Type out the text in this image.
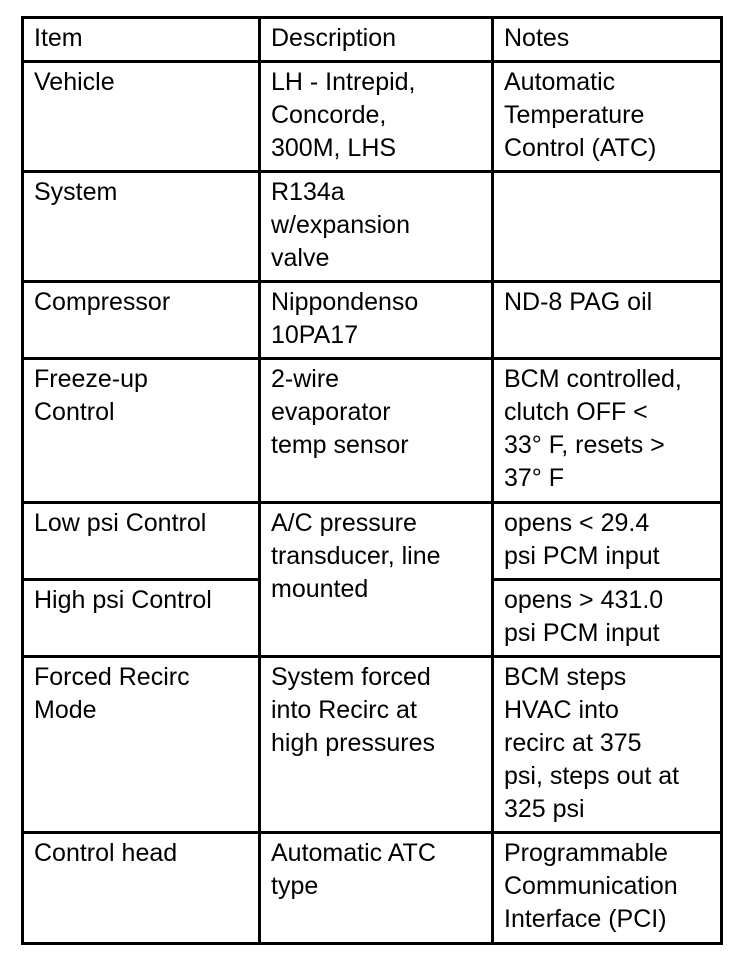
Item	Description	Notes

Vehicle	LH - Intrepid,
Concorde,
300M, LHS	Automatic
Temperature
Control (ATC)

System	R134a
w/expansion
valve	

Compressor	Nippondenso
10PA17	ND-8 PAG oil

Freeze-up
Control	2-wire
evaporator
temp sensor	BCM controlled,
clutch OFF <
33° F, resets >
37° F

Low psi Control	A/C pressure
transducer, line
mounted	opens < 29.4
psi PCM input

High psi Control		opens > 431.0
psi PCM input

Forced Recirc
Mode	System forced
into Recirc at
high pressures	BCM steps
HVAC into
recirc at 375
psi, steps out at
325 psi

Control head	Automatic ATC
type	Programmable
Communication
Interface (PCI)
